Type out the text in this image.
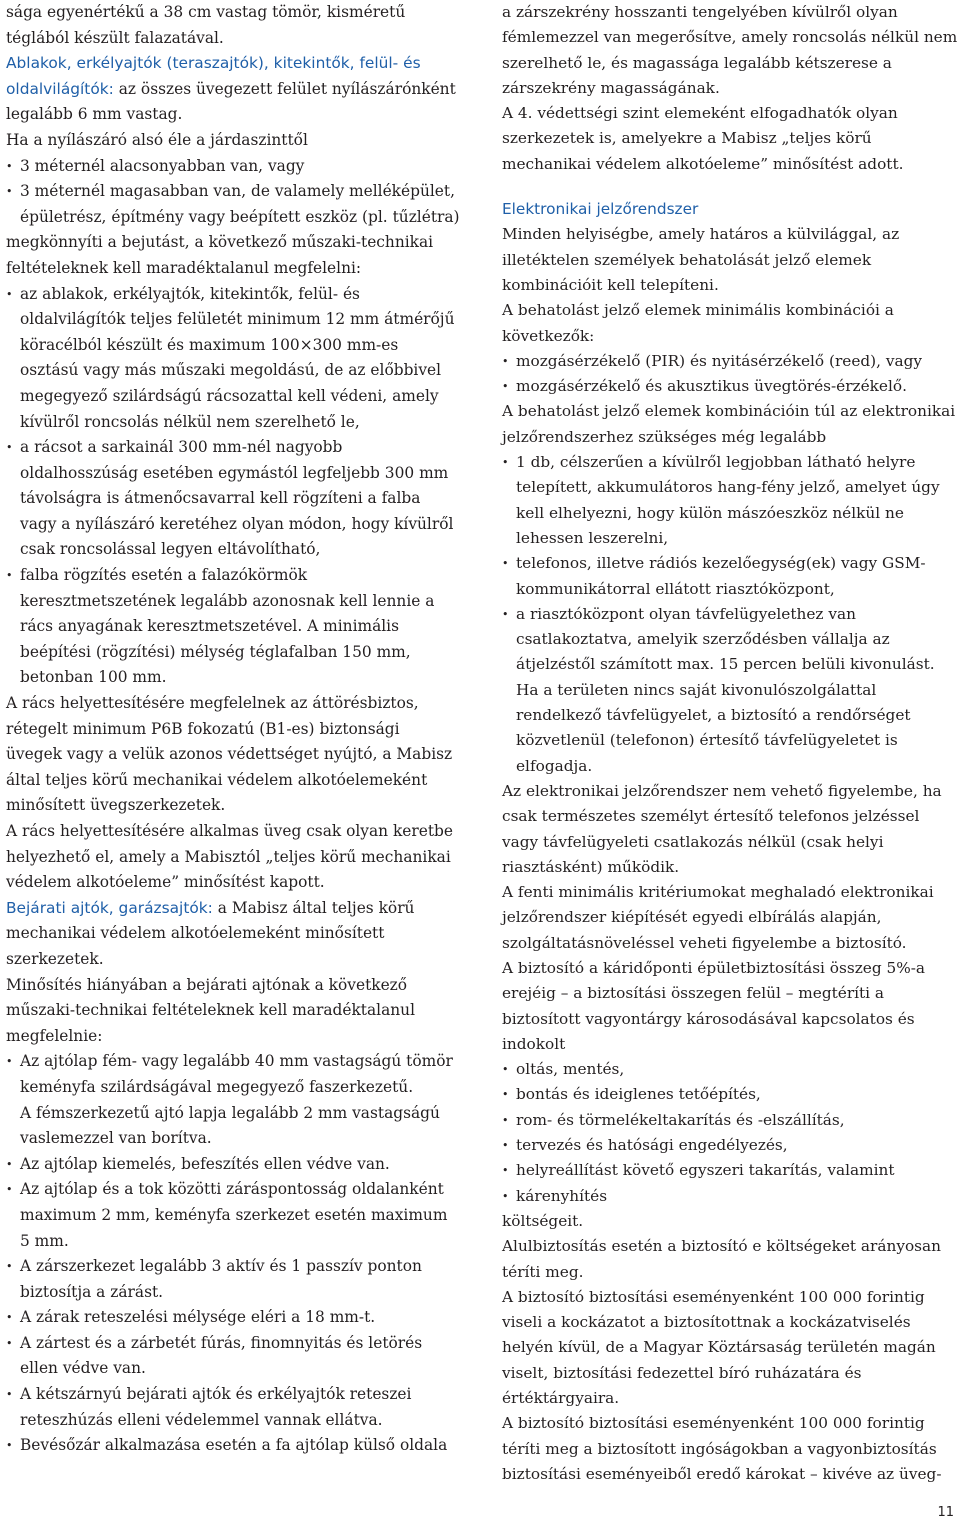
sága egyenértékű a 38 cm vastag tömör, kisméretű téglából készült falazatával.

Ablakok, erkélyajtók (teraszajtók), kitekintők, felül- és oldalvilágítók: az összes üvegezett felület nyílászárónként legalább 6 mm vastag.

Ha a nyílászáró alsó éle a járdaszinttől

• 3 méternél alacsonyabban van, vagy
• 3 méternél magasabban van, de valamely melléképület, épületrész, építmény vagy beépített eszköz (pl. tűzlétra)

megkönnyíti a bejutást, a következő műszaki-technikai feltételeknek kell maradéktalanul megfelelni:

• az ablakok, erkélyajtók, kitekintők, felül- és oldalvilágítók teljes felületét minimum 12 mm átmérőjű köracélból készült és maximum 100×300 mm-es osztású vagy más műszaki megoldású, de az előbbivel megegyező szilárdságú rácsozattal kell védeni, amely kívülről roncsolás nélkül nem szerelhető le,
• a rácsot a sarkainál 300 mm-nél nagyobb oldalhosszúság esetében egymástól legfeljebb 300 mm távolságra is átmenőcsavarral kell rögzíteni a falba vagy a nyílászáró keretéhez olyan módon, hogy kívülről csak roncsolással legyen eltávolítható,
• falba rögzítés esetén a falazókörmök keresztmetszetének legalább azonosnak kell lennie a rács anyagának keresztmetszetével. A minimális beépítési (rögzítési) mélység téglafalban 150 mm, betonban 100 mm.

A rács helyettesítésére megfelelnek az áttörésbiztos, rétegelt minimum P6B fokozatú (B1-es) biztonsági üvegek vagy a velük azonos védettséget nyújtó, a Mabisz által teljes körű mechanikai védelem alkotóelemeként minősített üvegszerkezetek.

A rács helyettesítésére alkalmas üveg csak olyan keretbe helyezhető el, amely a Mabisztól „teljes körű mechanikai védelem alkotóeleme” minősítést kapott.

Bejárati ajtók, garázsajtók: a Mabisz által teljes körű mechanikai védelem alkotóelemeként minősített szerkezetek.

Minősítés hiányában a bejárati ajtónak a következő műszaki-technikai feltételeknek kell maradéktalanul megfelelnie:

• Az ajtólap fém- vagy legalább 40 mm vastagságú tömör keményfa szilárdságával megegyező faszerkezetű.
A fémszerkezetű ajtó lapja legalább 2 mm vastagságú vaslemezzel van borítva.
• Az ajtólap kiemelés, befeszítés ellen védve van.
• Az ajtólap és a tok közötti záráspontosság oldalanként maximum 2 mm, keményfa szerkezet esetén maximum 5 mm.
• A zárszerkezet legalább 3 aktív és 1 passzív ponton biztosítja a zárást.
• A zárak reteszelési mélysége eléri a 18 mm-t.
• A zártest és a zárbetét fúrás, finomnyitás és letörés ellen védve van.
• A kétszárnyú bejárati ajtók és erkélyajtók reteszei reteszhúzás elleni védelemmel vannak ellátva.
• Bevésőzár alkalmazása esetén a fa ajtólap külső oldala

a zárszekrény hosszanti tengelyében kívülről olyan fémlemezzel van megerősítve, amely roncsolás nélkül nem szerelhető le, és magassága legalább kétszerese a zárszekrény magasságának.

A 4. védettségi szint elemeként elfogadhatók olyan szerkezetek is, amelyekre a Mabisz „teljes körű mechanikai védelem alkotóeleme” minősítést adott.

Elektronikai jelzőrendszer

Minden helyiségbe, amely határos a külvilággal, az illetéktelen személyek behatolását jelző elemek kombinációit kell telepíteni.

A behatolást jelző elemek minimális kombinációi a következők:

• mozgásérzékelő (PIR) és nyitásérzékelő (reed), vagy
• mozgásérzékelő és akusztikus üvegtörés-érzékelő.

A behatolást jelző elemek kombinációin túl az elektronikai jelzőrendszerhez szükséges még legalább

• 1 db, célszerűen a kívülről legjobban látható helyre telepített, akkumulátoros hang-fény jelző, amelyet úgy kell elhelyezni, hogy külön mászóeszköz nélkül ne lehessen leszerelni,
• telefonos, illetve rádiós kezelőegység(ek) vagy GSM-kommunikátorral ellátott riasztóközpont,
• a riasztóközpont olyan távfelügyelethez van csatlakoztatva, amelyik szerződésben vállalja az átjelzéstől számított max. 15 percen belüli kivonulást.

Ha a területen nincs saját kivonulószolgálattal rendelkező távfelügyelet, a biztosító a rendőrséget közvetlenül (telefonon) értesítő távfelügyeletet is elfogadja.

Az elektronikai jelzőrendszer nem vehető figyelembe, ha csak természetes személyt értesítő telefonos jelzéssel vagy távfelügyeleti csatlakozás nélkül (csak helyi riasztásként) működik.

A fenti minimális kritériumokat meghaladó elektronikai jelzőrendszer kiépítését egyedi elbírálás alapján, szolgáltatásnöveléssel veheti figyelembe a biztosító.

A biztosító a káridőponti épületbiztosítási összeg 5%-a erejéig – a biztosítási összegen felül – megtéríti a biztosított vagyontárgy károsodásával kapcsolatos és indokolt

• oltás, mentés,
• bontás és ideiglenes tetőépítés,
• rom- és törmelékeltakarítás és -elszállítás,
• tervezés és hatósági engedélyezés,
• helyreállítást követő egyszeri takarítás, valamint
• kárenyhítés

költségeit.

Alulbiztosítás esetén a biztosító e költségeket arányosan téríti meg.

A biztosító biztosítási eseményenként 100 000 forintig viseli a kockázatot a biztosítottnak a kockázatviselés helyén kívül, de a Magyar Köztársaság területén magán viselt, biztosítási fedezettel bíró ruházatára és értéktárgyaira.

A biztosító biztosítási eseményenként 100 000 forintig téríti meg a biztosított ingóságokban a vagyonbiztosítás biztosítási eseményeiből eredő károkat – kivéve az üveg-

11
